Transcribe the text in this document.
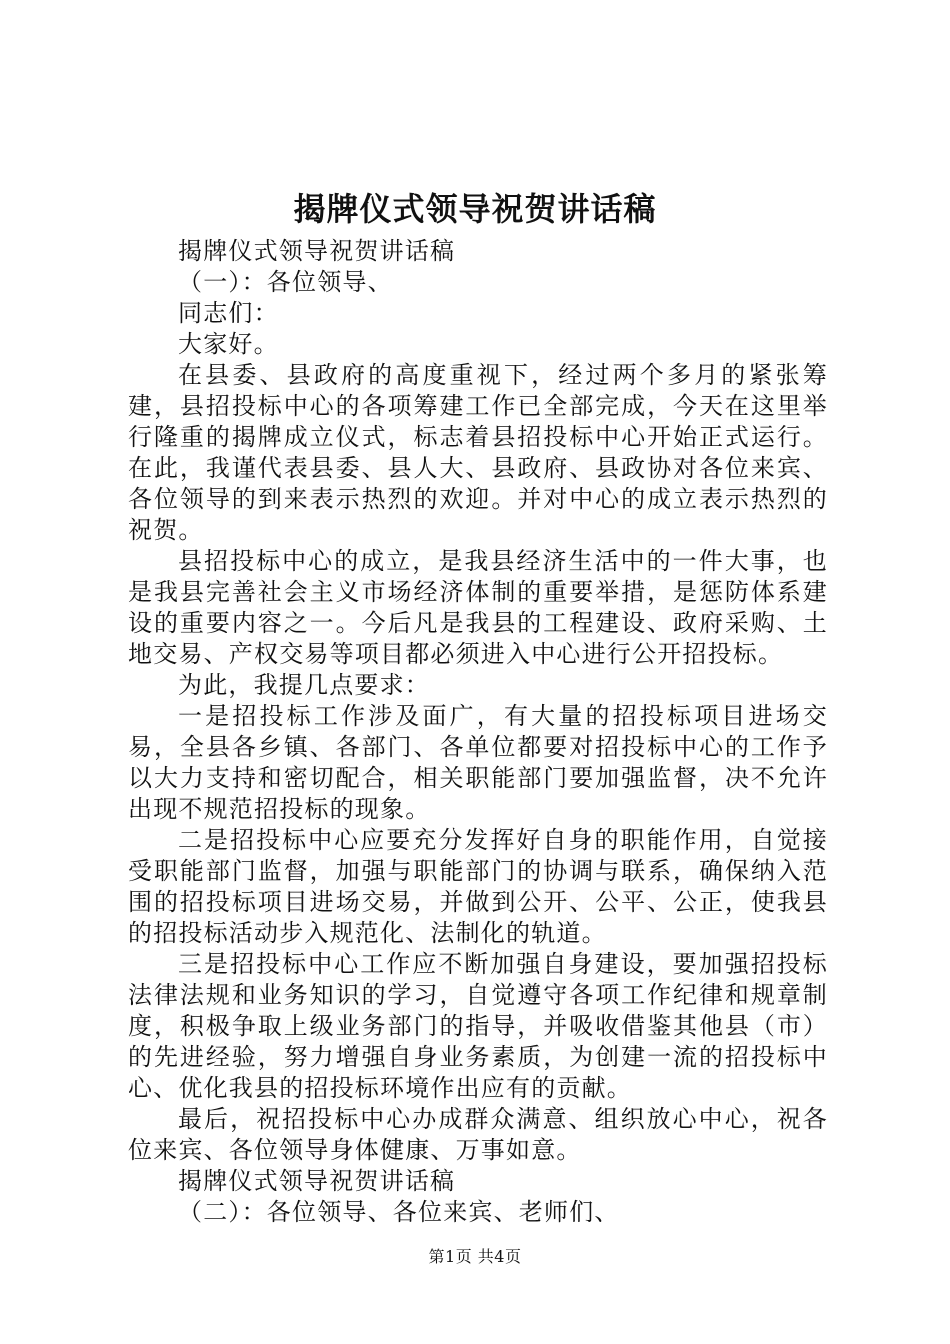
揭牌仪式领导祝贺讲话稿

揭牌仪式领导祝贺讲话稿

（一）：各位领导、

同志们：

大家好。

在县委、县政府的高度重视下，经过两个多月的紧张筹建，县招投标中心的各项筹建工作已全部完成，今天在这里举行隆重的揭牌成立仪式，标志着县招投标中心开始正式运行。在此，我谨代表县委、县人大、县政府、县政协对各位来宾、各位领导的到来表示热烈的欢迎。并对中心的成立表示热烈的祝贺。

县招投标中心的成立，是我县经济生活中的一件大事，也是我县完善社会主义市场经济体制的重要举措，是惩防体系建设的重要内容之一。今后凡是我县的工程建设、政府采购、土地交易、产权交易等项目都必须进入中心进行公开招投标。

为此，我提几点要求：

一是招投标工作涉及面广，有大量的招投标项目进场交易，全县各乡镇、各部门、各单位都要对招投标中心的工作予以大力支持和密切配合，相关职能部门要加强监督，决不允许出现不规范招投标的现象。

二是招投标中心应要充分发挥好自身的职能作用，自觉接受职能部门监督，加强与职能部门的协调与联系，确保纳入范围的招投标项目进场交易，并做到公开、公平、公正，使我县的招投标活动步入规范化、法制化的轨道。

三是招投标中心工作应不断加强自身建设，要加强招投标法律法规和业务知识的学习，自觉遵守各项工作纪律和规章制度，积极争取上级业务部门的指导，并吸收借鉴其他县（市）的先进经验，努力增强自身业务素质，为创建一流的招投标中心、优化我县的招投标环境作出应有的贡献。

最后，祝招投标中心办成群众满意、组织放心中心，祝各位来宾、各位领导身体健康、万事如意。

揭牌仪式领导祝贺讲话稿

（二）：各位领导、各位来宾、老师们、

第1页 共4页
